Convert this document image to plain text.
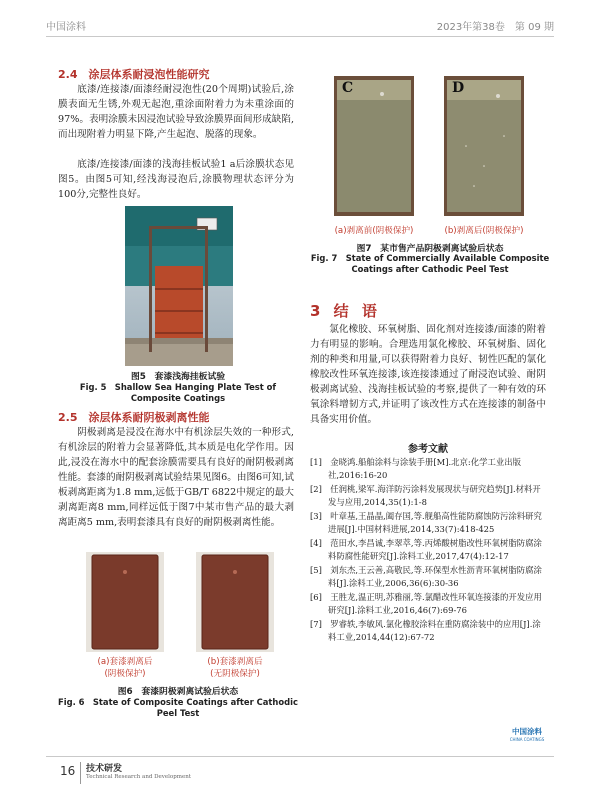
中国涂料	2023年第38卷　第 09 期
2.4　涂层体系耐浸泡性能研究
底漆/连接漆/面漆经耐浸泡性(20个周期)试验后,涂膜表面无生锈,外观无起泡,重涂面附着力为未重涂面的97%。表明涂膜未因浸泡试验导致涂膜界面间形成缺陷,而出现附着力明显下降,产生起泡、脱落的现象。
底漆/连接漆/面漆的浅海挂板试验1 a后涂膜状态见图5。由图5可知,经浅海浸泡后,涂膜物理状态评分为100分,完整性良好。
图5　套漆浅海挂板试验
Fig. 5　Shallow Sea Hanging Plate Test of Composite Coatings
2.5　涂层体系耐阴极剥离性能
阴极剥离是浸没在海水中有机涂层失效的一种形式,有机涂层的附着力会显著降低,其本质是电化学作用。因此,浸没在海水中的配套涂膜需要具有良好的耐阴极剥离性能。套漆的耐阴极剥离试验结果见图6。由图6可知,试板剥离距离为1.8 mm,远低于GB/T 6822中规定的最大剥离距离8 mm,同样远低于图7中某市售产品的最大剥离距离5 mm,表明套漆具有良好的耐阴极剥离性能。
(a)套漆剥离后
(阴极保护)
(b)套漆剥离后
(无阴极保护)
图6　套漆阴极剥离试验后状态
Fig. 6　State of Composite Coatings after Cathodic Peel Test
C	D
(a)剥离前(阴极保护)	(b)剥离后(阴极保护)
图7　某市售产品阴极剥离试验后状态
Fig. 7　State of Commercially Available Composite Coatings after Cathodic Peel Test
3 结 语
氯化橡胶、环氧树脂、固化剂对连接漆/面漆的附着力有明显的影响。合理选用氯化橡胶、环氧树脂、固化剂的种类和用量,可以获得附着力良好、韧性匹配的氯化橡胶改性环氧连接漆,该连接漆通过了耐浸泡试验、耐阴极剥离试验、浅海挂板试验的考察,提供了一种有效的环氧涂料增韧方式,并证明了该改性方式在连接漆的制备中具备实用价值。
参考文献

[1]　金晓鸿.船舶涂料与涂装手册[M].北京:化学工业出版社,2016:16-20

[2]　任润桃,梁军.海洋防污涂料发展现状与研究趋势[J].材料开发与应用,2014,35(1):1-8

[3]　叶章基,王晶晶,阖存国,等.舰船高性能防腐蚀防污涂料研究进展[J].中国材料进展,2014,33(7):418-425

[4]　范田水,李昌诚,李翠萃,等.丙烯酸树脂改性环氧树脂防腐涂料防腐性能研究[J].涂料工业,2017,47(4):12-17

[5]　刘东杰,王云善,高敬民,等.环保型水性沥青环氧树脂防腐涂料[J].涂料工业,2006,36(6):30-36

[6]　王胜龙,温正明,苏雅丽,等.氯醋改性环氧连接漆的开发应用研究[J].涂料工业,2016,46(7):69-76

[7]　罗睿轶,李敏风.氯化橡胶涂料在重防腐涂装中的应用[J].涂料工业,2014,44(12):67-72

中国涂料
CHINA COATINGS
16 技术研发
Technical Research and Development
